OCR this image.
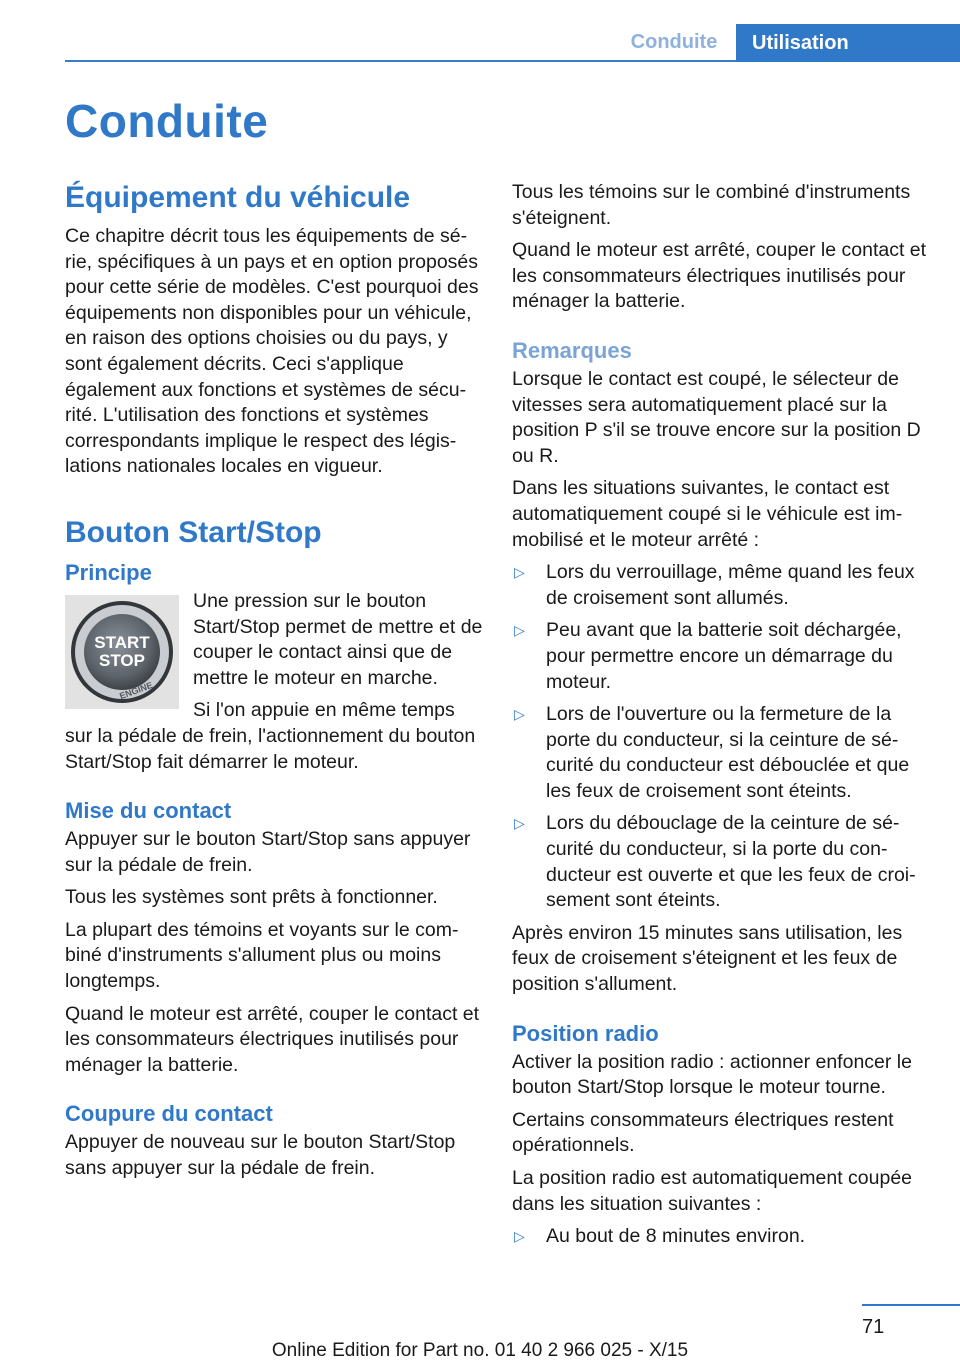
Conduite	Utilisation
Conduite
Équipement du véhicule

Ce chapitre décrit tous les équipements de série, spécifiques à un pays et en option proposés pour cette série de modèles. C'est pourquoi des équipements non disponibles pour un véhicule, en raison des options choisies ou du pays, y sont également décrits. Ceci s'applique également aux fonctions et systèmes de sécurité. L'utilisation des fonctions et systèmes correspondants implique le respect des législations nationales locales en vigueur.

Bouton Start/Stop
Principe
START
STOP
ENGINE

Une pression sur le bouton Start/Stop permet de mettre et de couper le contact ainsi que de mettre le moteur en marche.

Si l'on appuie en même temps sur la pédale de frein, l'actionnement du bouton Start/Stop fait démarrer le moteur.

Mise du contact

Appuyer sur le bouton Start/Stop sans appuyer sur la pédale de frein.

Tous les systèmes sont prêts à fonctionner.

La plupart des témoins et voyants sur le combiné d'instruments s'allument plus ou moins longtemps.

Quand le moteur est arrêté, couper le contact et les consommateurs électriques inutilisés pour ménager la batterie.

Coupure du contact

Appuyer de nouveau sur le bouton Start/Stop sans appuyer sur la pédale de frein.

Tous les témoins sur le combiné d'instruments s'éteignent.

Quand le moteur est arrêté, couper le contact et les consommateurs électriques inutilisés pour ménager la batterie.

Remarques

Lorsque le contact est coupé, le sélecteur de vitesses sera automatiquement placé sur la position P s'il se trouve encore sur la position D ou R.

Dans les situations suivantes, le contact est automatiquement coupé si le véhicule est immobilisé et le moteur arrêté :

▷ Lors du verrouillage, même quand les feux de croisement sont allumés.
▷ Peu avant que la batterie soit déchargée, pour permettre encore un démarrage du moteur.
▷ Lors de l'ouverture ou la fermeture de la porte du conducteur, si la ceinture de sécurité du conducteur est débouclée et que les feux de croisement sont éteints.
▷ Lors du débouclage de la ceinture de sécurité du conducteur, si la porte du conducteur est ouverte et que les feux de croisement sont éteints.

Après environ 15 minutes sans utilisation, les feux de croisement s'éteignent et les feux de position s'allument.

Position radio

Activer la position radio : actionner enfoncer le bouton Start/Stop lorsque le moteur tourne.

Certains consommateurs électriques restent opérationnels.

La position radio est automatiquement coupée dans les situation suivantes :

▷ Au bout de 8 minutes environ.
71
Online Edition for Part no. 01 40 2 966 025 - X/15
